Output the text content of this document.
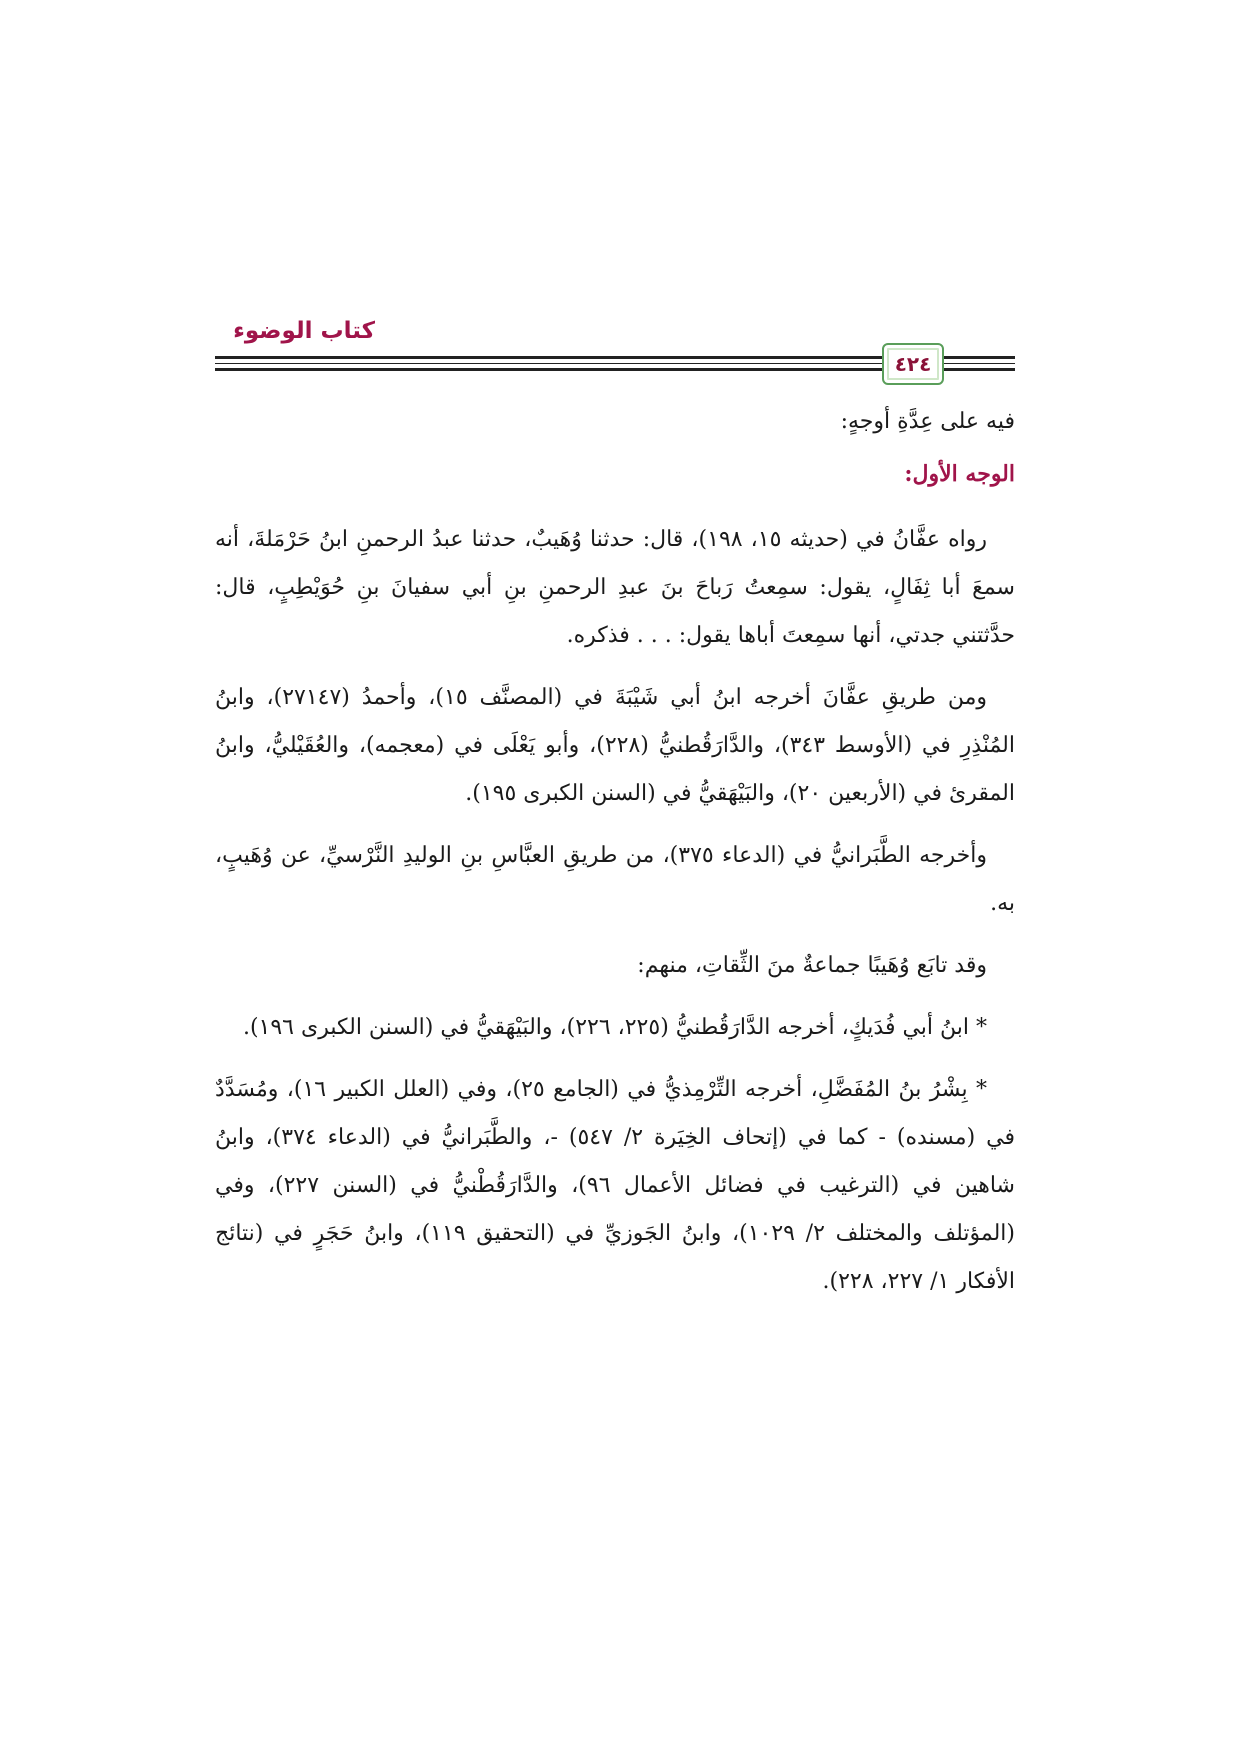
كتاب الوضوء
٤٢٤

فيه على عِدَّةِ أوجهٍ:

الوجه الأول:

رواه عفَّانُ في (حديثه ١٥، ١٩٨)، قال: حدثنا وُهَيبٌ، حدثنا عبدُ الرحمنِ ابنُ حَرْمَلةَ، أنه سمعَ أبا ثِفَالٍ، يقول: سمِعتُ رَباحَ بنَ عبدِ الرحمنِ بنِ أبي سفيانَ بنِ حُوَيْطِبٍ، قال: حدَّثتني جدتي، أنها سمِعتَ أباها يقول: . . . فذكره.

ومن طريقِ عفَّانَ أخرجه ابنُ أبي شَيْبَةَ في (المصنَّف ١٥)، وأحمدُ (٢٧١٤٧)، وابنُ المُنْذِرِ في (الأوسط ٣٤٣)، والدَّارَقُطنيُّ (٢٢٨)، وأبو يَعْلَى في (معجمه)، والعُقَيْليُّ، وابنُ المقرئ في (الأربعين ٢٠)، والبَيْهَقيُّ في (السنن الكبرى ١٩٥).

وأخرجه الطَّبَرانيُّ في (الدعاء ٣٧٥)، من طريقِ العبَّاسِ بنِ الوليدِ النَّرْسيِّ، عن وُهَيبٍ، به.

وقد تابَع وُهَيبًا جماعةٌ منَ الثِّقاتِ، منهم:

* ابنُ أبي فُدَيكٍ، أخرجه الدَّارَقُطنيُّ (٢٢٥، ٢٢٦)، والبَيْهَقيُّ في (السنن الكبرى ١٩٦).

* بِشْرُ بنُ المُفَضَّلِ، أخرجه التِّرْمِذيُّ في (الجامع ٢٥)، وفي (العلل الكبير ١٦)، ومُسَدَّدٌ في (مسنده) - كما في (إتحاف الخِيَرة ٢/ ٥٤٧) -، والطَّبَرانيُّ في (الدعاء ٣٧٤)، وابنُ شاهين في (الترغيب في فضائل الأعمال ٩٦)، والدَّارَقُطْنيُّ في (السنن ٢٢٧)، وفي (المؤتلف والمختلف ٢/ ١٠٢٩)، وابنُ الجَوزيِّ في (التحقيق ١١٩)، وابنُ حَجَرٍ في (نتائج الأفكار ١/ ٢٢٧، ٢٢٨).
